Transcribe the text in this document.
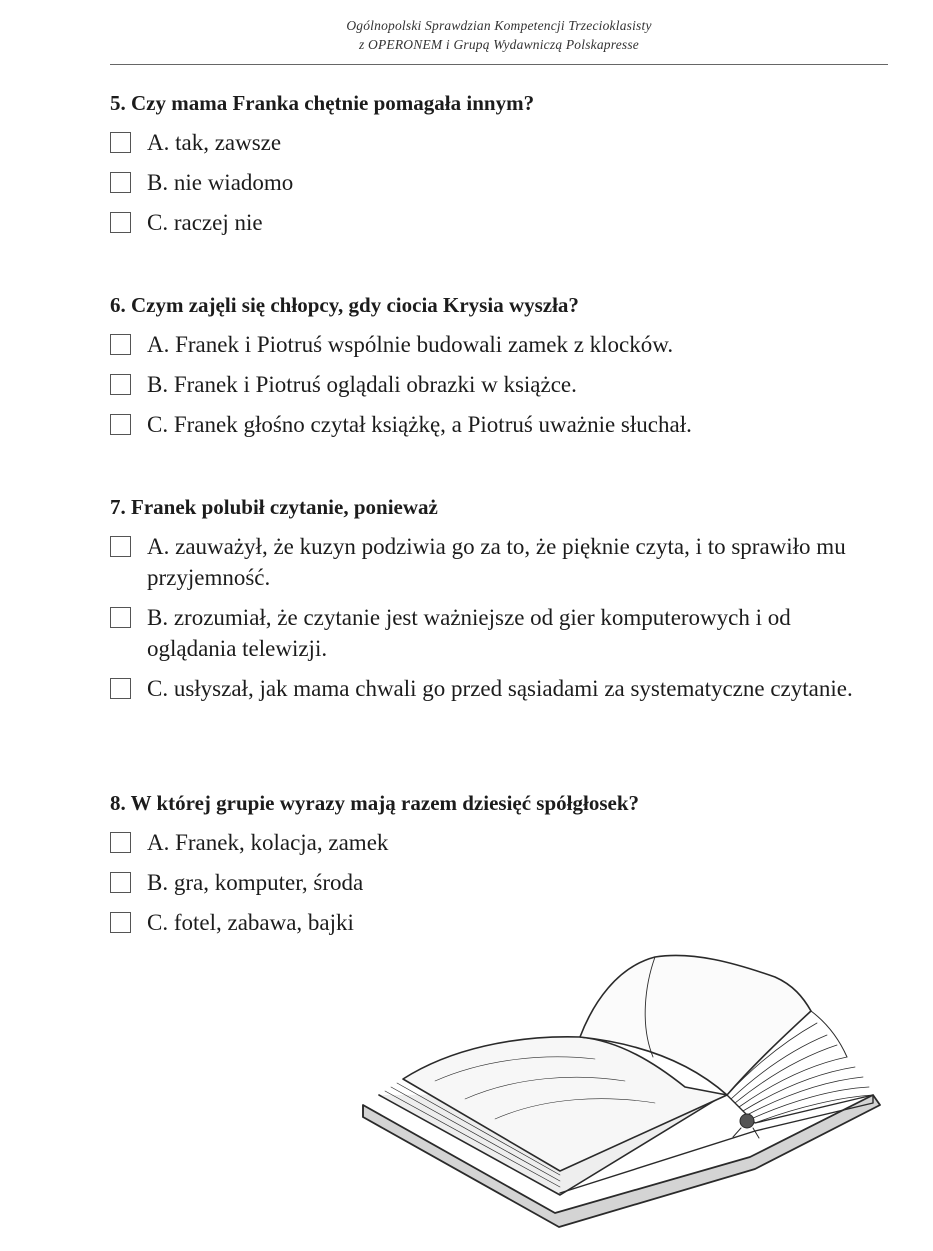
Ogólnopolski Sprawdzian Kompetencji Trzecioklasisty
z OPERONEM i Grupą Wydawniczą Polskapresse
5. Czy mama Franka chętnie pomagała innym?
A. tak, zawsze
B. nie wiadomo
C. raczej nie
6. Czym zajęli się chłopcy, gdy ciocia Krysia wyszła?
A. Franek i Piotruś wspólnie budowali zamek z klocków.
B. Franek i Piotruś oglądali obrazki w książce.
C. Franek głośno czytał książkę, a Piotruś uważnie słuchał.
7. Franek polubił czytanie, ponieważ
A. zauważył, że kuzyn podziwia go za to, że pięknie czyta, i to sprawiło mu przyjemność.
B. zrozumiał, że czytanie jest ważniejsze od gier komputerowych i od oglądania telewizji.
C. usłyszał, jak mama chwali go przed sąsiadami za systematyczne czytanie.
8. W której grupie wyrazy mają razem dziesięć spółgłosek?
A. Franek, kolacja, zamek
B. gra, komputer, środa
C. fotel, zabawa, bajki
